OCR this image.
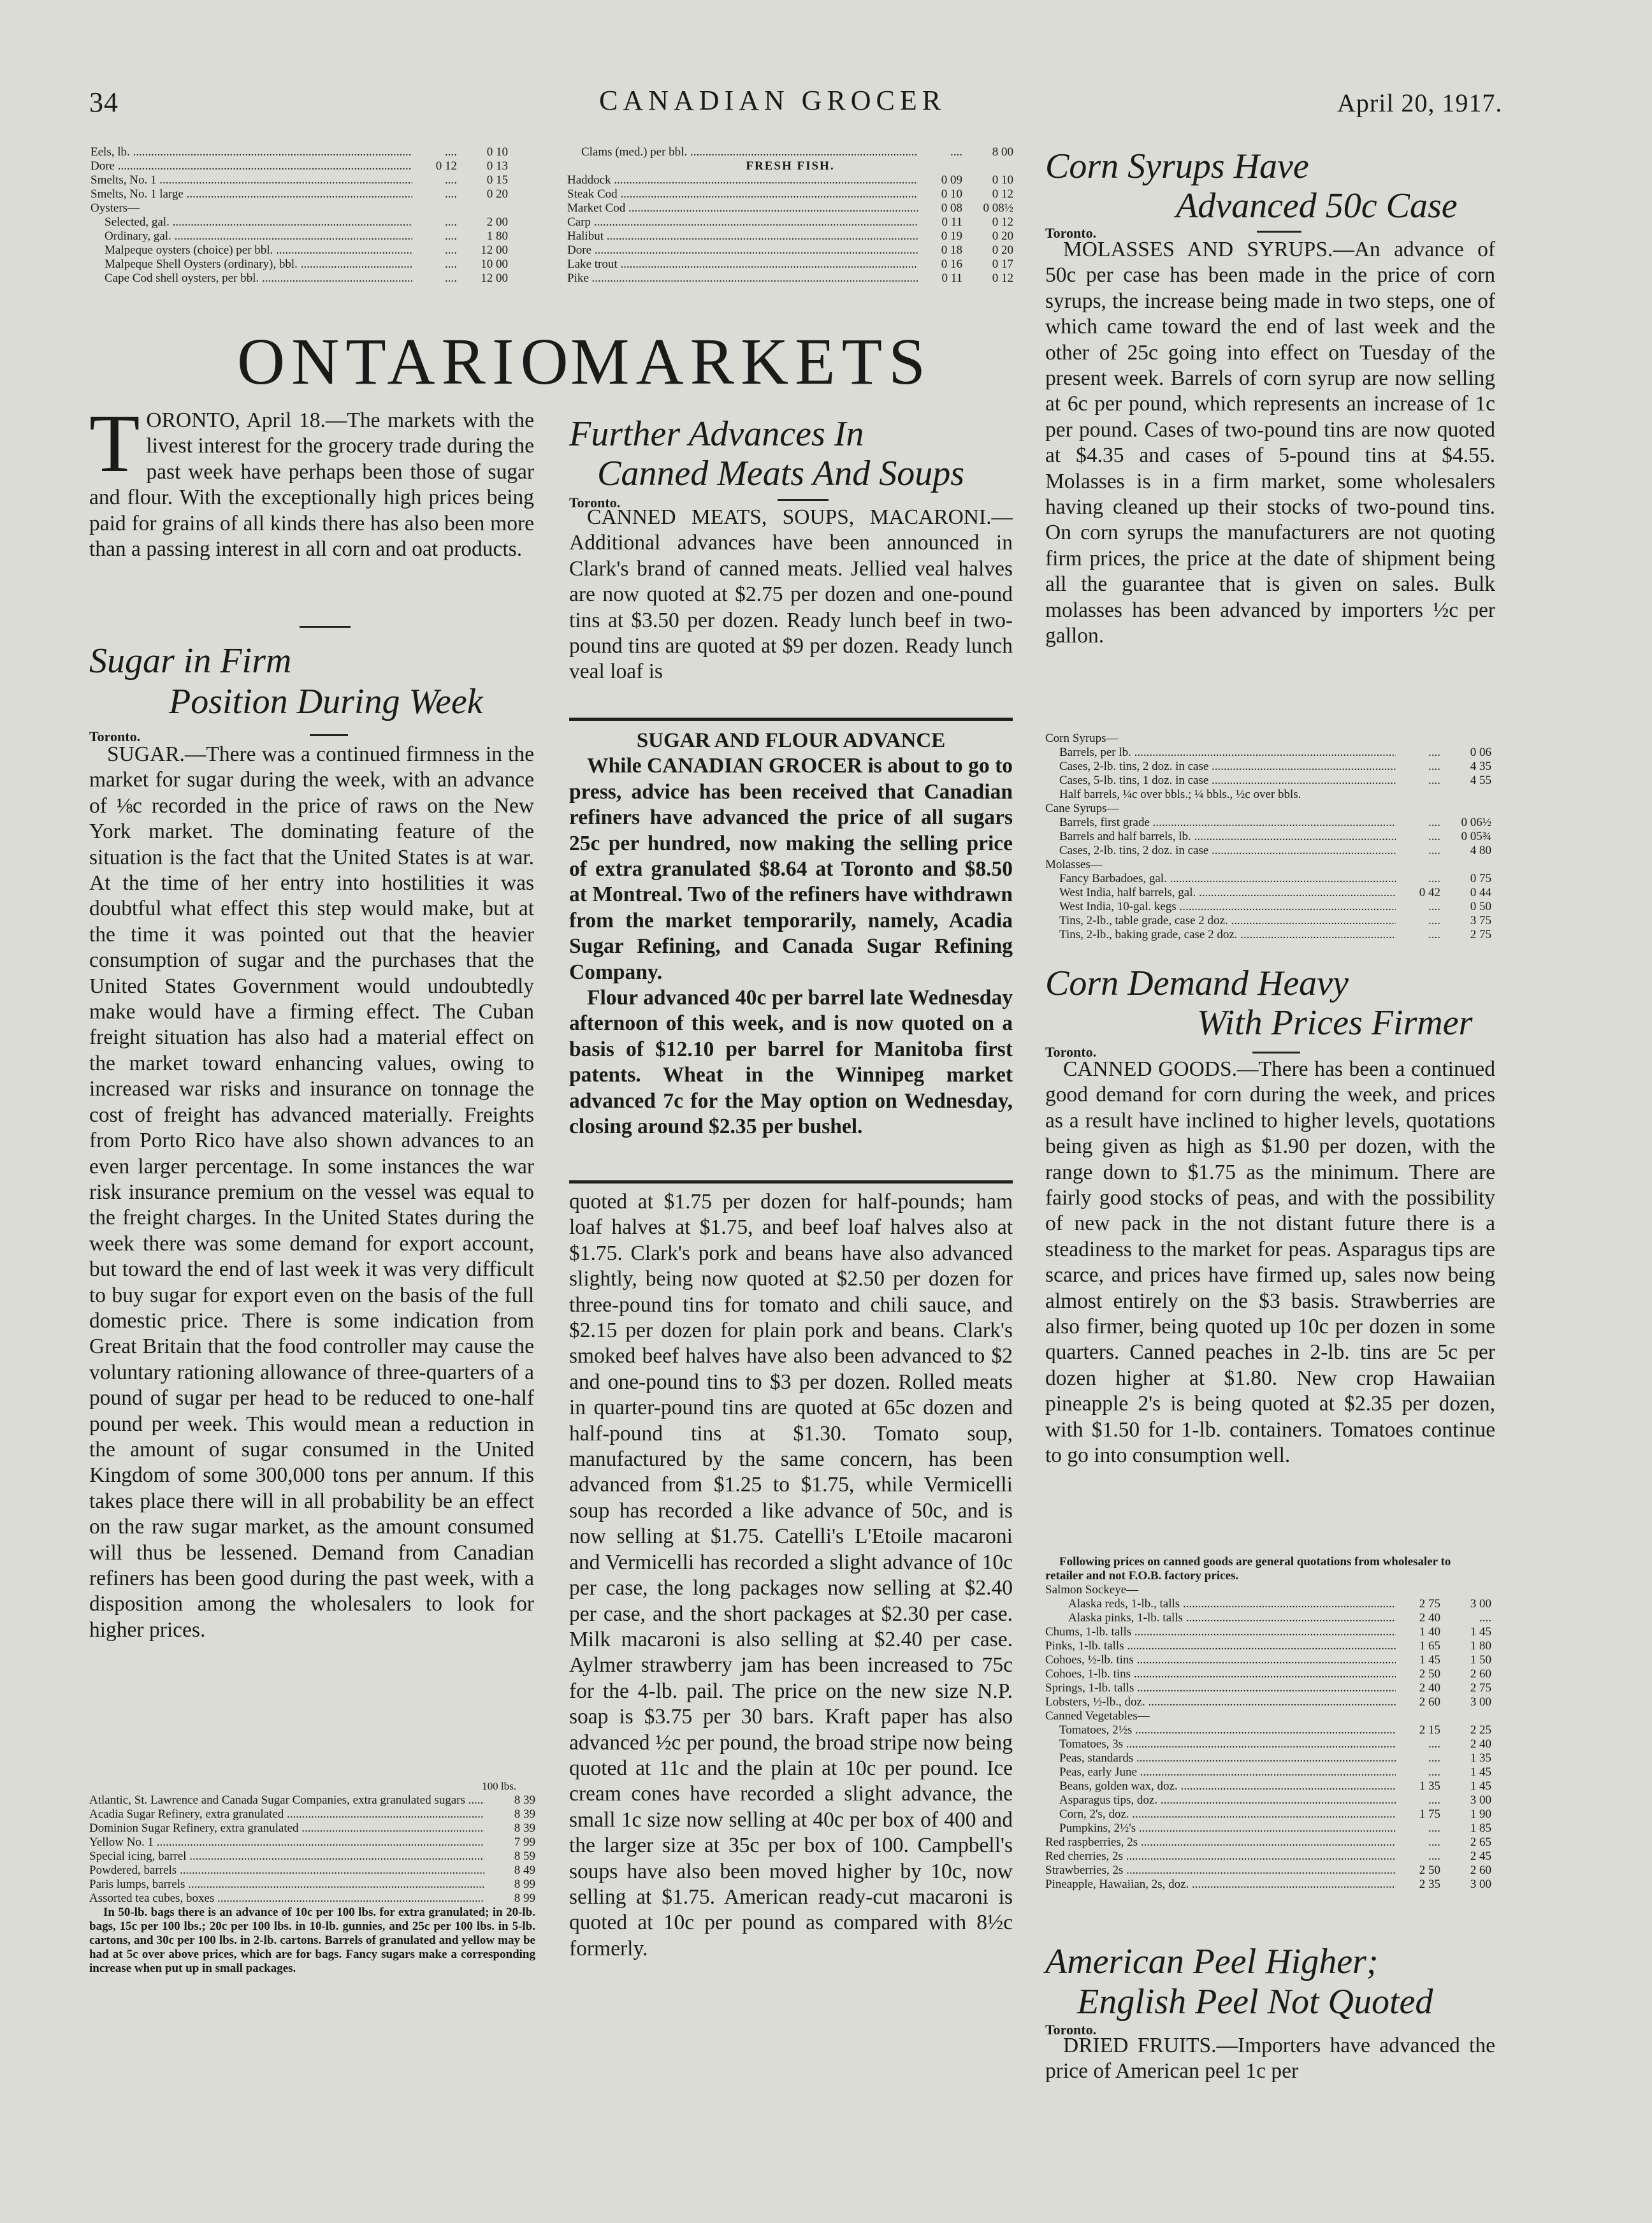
34	CANADIAN GROCER	April 20, 1917.
Eels, lb. .....	....	0 10
Dore .....	0 12	0 13
Smelts, No. 1 .....	....	0 15
Smelts, No. 1 large .....	....	0 20
Oysters—
Selected, gal. .....	....	2 00
Ordinary, gal. .....	....	1 80
Malpeque oysters (choice) per bbl. .....	....	12 00
Malpeque Shell Oysters (ordinary), bbl. .....	....	10 00
Cape Cod shell oysters, per bbl. .....	....	12 00
Clams (med.) per bbl. .....	....	8 00
FRESH FISH.
Haddock .....	0 09	0 10
Steak Cod .....	0 10	0 12
Market Cod .....	0 08	0 08½
Carp .....	0 11	0 12
Halibut .....	0 19	0 20
Dore .....	0 18	0 20
Lake trout .....	0 16	0 17
Pike .....	0 11	0 12
ONTARIO
MARKETS
T ORONTO, April 18.—The markets with the livest interest for the grocery trade during the past week have perhaps been those of sugar and flour. With the exceptionally high prices being paid for grains of all kinds there has also been more than a passing interest in all corn and oat products.
Sugar in Firm
Position During Week
Toronto.

SUGAR.—There was a continued firmness in the market for sugar during the week, with an advance of ⅛c recorded in the price of raws on the New York market. The dominating feature of the situation is the fact that the United States is at war. At the time of her entry into hostilities it was doubtful what effect this step would make, but at the time it was pointed out that the heavier consumption of sugar and the purchases that the United States Government would undoubtedly make would have a firming effect. The Cuban freight situation has also had a material effect on the market toward enhancing values, owing to increased war risks and insurance on tonnage the cost of freight has advanced materially. Freights from Porto Rico have also shown advances to an even larger percentage. In some instances the war risk insurance premium on the vessel was equal to the freight charges. In the United States during the week there was some demand for export account, but toward the end of last week it was very difficult to buy sugar for export even on the basis of the full domestic price. There is some indication from Great Britain that the food controller may cause the voluntary rationing allowance of three-quarters of a pound of sugar per head to be reduced to one-half pound per week. This would mean a reduction in the amount of sugar consumed in the United Kingdom of some 300,000 tons per annum. If this takes place there will in all probability be an effect on the raw sugar market, as the amount consumed will thus be lessened. Demand from Canadian refiners has been good during the past week, with a disposition among the wholesalers to look for higher prices.

100 lbs.
Atlantic, St. Lawrence and Canada Sugar Companies, extra granulated sugars .....	8 39
Acadia Sugar Refinery, extra granulated .....	8 39
Dominion Sugar Refinery, extra granulated .....	8 39
Yellow No. 1 .....	7 99
Special icing, barrel .....	8 59
Powdered, barrels .....	8 49
Paris lumps, barrels .....	8 99
Assorted tea cubes, boxes .....	8 99
In 50-lb. bags there is an advance of 10c per 100 lbs. for extra granulated; in 20-lb. bags, 15c per 100 lbs.; 20c per 100 lbs. in 10-lb. gunnies, and 25c per 100 lbs. in 5-lb. cartons, and 30c per 100 lbs. in 2-lb. cartons. Barrels of granulated and yellow may be had at 5c over above prices, which are for bags. Fancy sugars make a corresponding increase when put up in small packages.
Further Advances In
Canned Meats And Soups
Toronto.

CANNED MEATS, SOUPS, MACARONI.—Additional advances have been announced in Clark's brand of canned meats. Jellied veal halves are now quoted at $2.75 per dozen and one-pound tins at $3.50 per dozen. Ready lunch beef in two-pound tins are quoted at $9 per dozen. Ready lunch veal loaf is

SUGAR AND FLOUR ADVANCE

While CANADIAN GROCER is about to go to press, advice has been received that Canadian refiners have advanced the price of all sugars 25c per hundred, now making the selling price of extra granulated $8.64 at Toronto and $8.50 at Montreal. Two of the refiners have withdrawn from the market temporarily, namely, Acadia Sugar Refining, and Canada Sugar Refining Company.

Flour advanced 40c per barrel late Wednesday afternoon of this week, and is now quoted on a basis of $12.10 per barrel for Manitoba first patents. Wheat in the Winnipeg market advanced 7c for the May option on Wednesday, closing around $2.35 per bushel.

quoted at $1.75 per dozen for half-pounds; ham loaf halves at $1.75, and beef loaf halves also at $1.75. Clark's pork and beans have also advanced slightly, being now quoted at $2.50 per dozen for three-pound tins for tomato and chili sauce, and $2.15 per dozen for plain pork and beans. Clark's smoked beef halves have also been advanced to $2 and one-pound tins to $3 per dozen. Rolled meats in quarter-pound tins are quoted at 65c dozen and half-pound tins at $1.30. Tomato soup, manufactured by the same concern, has been advanced from $1.25 to $1.75, while Vermicelli soup has recorded a like advance of 50c, and is now selling at $1.75. Catelli's L'Etoile macaroni and Vermicelli has recorded a slight advance of 10c per case, the long packages now selling at $2.40 per case, and the short packages at $2.30 per case. Milk macaroni is also selling at $2.40 per case. Aylmer strawberry jam has been increased to 75c for the 4-lb. pail. The price on the new size N.P. soap is $3.75 per 30 bars. Kraft paper has also advanced ½c per pound, the broad stripe now being quoted at 11c and the plain at 10c per pound. Ice cream cones have recorded a slight advance, the small 1c size now selling at 40c per box of 400 and the larger size at 35c per box of 100. Campbell's soups have also been moved higher by 10c, now selling at $1.75. American ready-cut macaroni is quoted at 10c per pound as compared with 8½c formerly.

Corn Syrups Have
Advanced 50c Case
Toronto.

MOLASSES AND SYRUPS.—An advance of 50c per case has been made in the price of corn syrups, the increase being made in two steps, one of which came toward the end of last week and the other of 25c going into effect on Tuesday of the present week. Barrels of corn syrup are now selling at 6c per pound, which represents an increase of 1c per pound. Cases of two-pound tins are now quoted at $4.35 and cases of 5-pound tins at $4.55. Molasses is in a firm market, some wholesalers having cleaned up their stocks of two-pound tins. On corn syrups the manufacturers are not quoting firm prices, the price at the date of shipment being all the guarantee that is given on sales. Bulk molasses has been advanced by importers ½c per gallon.

Corn Syrups—
Barrels, per lb. .....	....	0 06
Cases, 2-lb. tins, 2 doz. in case .....	....	4 35
Cases, 5-lb. tins, 1 doz. in case .....	....	4 55
Half barrels, ¼c over bbls.; ¼ bbls., ½c over bbls.
Cane Syrups—
Barrels, first grade .....	....	0 06½
Barrels and half barrels, lb. .....	....	0 05¾
Cases, 2-lb. tins, 2 doz. in case .....	....	4 80
Molasses—
Fancy Barbadoes, gal. .....	....	0 75
West India, half barrels, gal. .....	0 42	0 44
West India, 10-gal. kegs .....	....	0 50
Tins, 2-lb., table grade, case 2 doz. .....	....	3 75
Tins, 2-lb., baking grade, case 2 doz. .....	....	2 75
Corn Demand Heavy
With Prices Firmer
Toronto.

CANNED GOODS.—There has been a continued good demand for corn during the week, and prices as a result have inclined to higher levels, quotations being given as high as $1.90 per dozen, with the range down to $1.75 as the minimum. There are fairly good stocks of peas, and with the possibility of new pack in the not distant future there is a steadiness to the market for peas. Asparagus tips are scarce, and prices have firmed up, sales now being almost entirely on the $3 basis. Strawberries are also firmer, being quoted up 10c per dozen in some quarters. Canned peaches in 2-lb. tins are 5c per dozen higher at $1.80. New crop Hawaiian pineapple 2's is being quoted at $2.35 per dozen, with $1.50 for 1-lb. containers. Tomatoes continue to go into consumption well.

Following prices on canned goods are general quotations from wholesaler to retailer and not F.O.B. factory prices.
Salmon Sockeye—
Alaska reds, 1-lb., talls .....	2 75	3 00
Alaska pinks, 1-lb. talls .....	2 40	....
Chums, 1-lb. talls .....	1 40	1 45
Pinks, 1-lb. talls .....	1 65	1 80
Cohoes, ½-lb. tins .....	1 45	1 50
Cohoes, 1-lb. tins .....	2 50	2 60
Springs, 1-lb. talls .....	2 40	2 75
Lobsters, ½-lb., doz. .....	2 60	3 00
Canned Vegetables—
Tomatoes, 2½s .....	2 15	2 25
Tomatoes, 3s .....	....	2 40
Peas, standards .....	....	1 35
Peas, early June .....	....	1 45
Beans, golden wax, doz. .....	1 35	1 45
Asparagus tips, doz. .....	....	3 00
Corn, 2's, doz. .....	1 75	1 90
Pumpkins, 2½'s .....	....	1 85
Red raspberries, 2s .....	....	2 65
Red cherries, 2s .....	....	2 45
Strawberries, 2s .....	2 50	2 60
Pineapple, Hawaiian, 2s, doz. .....	2 35	3 00
American Peel Higher;
English Peel Not Quoted
Toronto.

DRIED FRUITS.—Importers have advanced the price of American peel 1c per
